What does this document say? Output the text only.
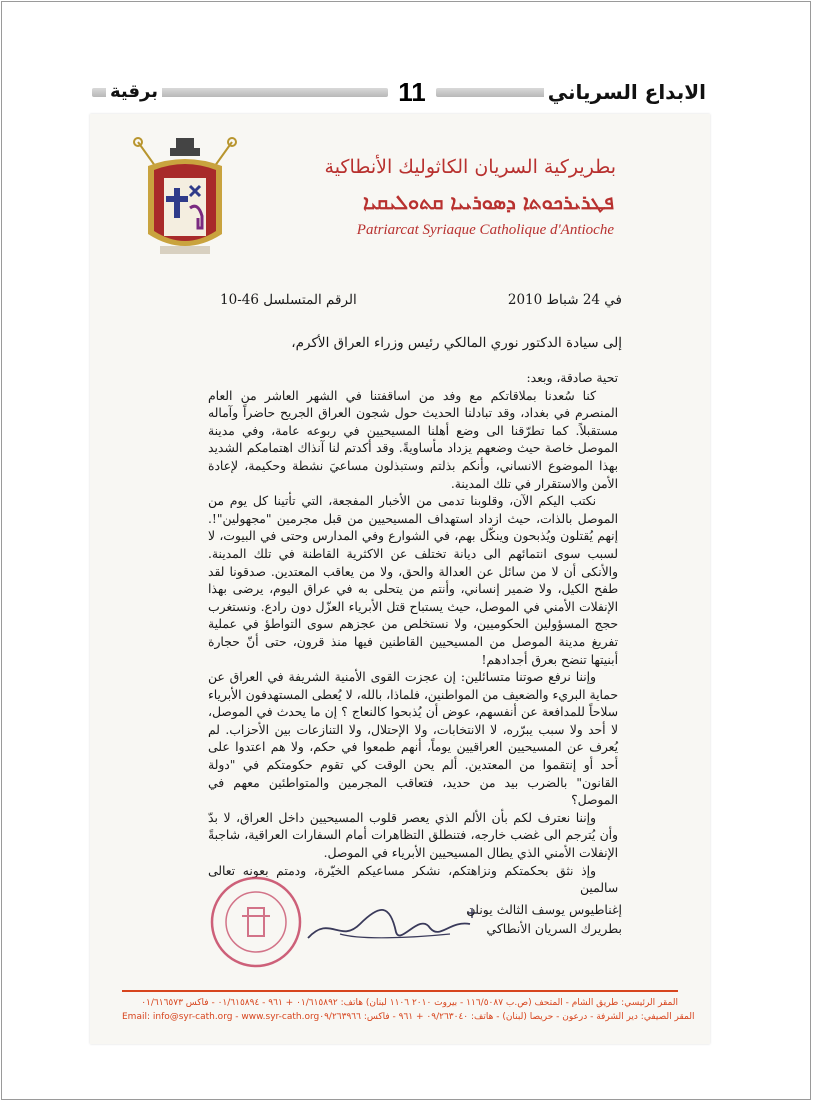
برقية	11	الابداع السرياني
بطريركية السريان الكاثوليك الأنطاكية
ܦܛܪܝܪܟܘܬܐ ܕܣܘܪܝܝܐ ܩܬܘܠܝܩܝܐ
Patriarcat Syriaque Catholique d'Antioche
في 24 شباط 2010
الرقم المتسلسل 46-10
إلى سيادة الدكتور نوري المالكي رئيس وزراء العراق الأكرم،

تحية صادقة، وبعد:

كنا سُعدنا بملاقاتكم مع وفد من اساقفتنا في الشهر العاشر من العام المنصرم في بغداد، وقد تبادلنا الحديث حول شجون العراق الجريح حاضراً وآماله مستقبلاً. كما تطرّقنا الى وضع أهلنا المسيحيين في ربوعه عامة، وفي مدينة الموصل خاصة حيث وضعهم يزداد مأساويةً. وقد أكدتم لنا آنذاك اهتمامكم الشديد بهذا الموضوع الانساني، وأنكم بذلتم وستبذلون مساعيَ نشطة وحكيمة، لإعادة الأمن والاستقرار في تلك المدينة.

نكتب اليكم الآن، وقلوبنا تدمى من الأخبار المفجعة، التي تأتينا كل يوم من الموصل بالذات، حيث ازداد استهداف المسيحيين من قبل مجرمين "مجهولين"!. إنهم يُقتلون ويُذبحون وينكّل بهم، في الشوارع وفي المدارس وحتى في البيوت، لا لسبب سوى انتمائهم الى ديانة تختلف عن الاكثرية القاطنة في تلك المدينة. والأنكى أن لا من سائل عن العدالة والحق، ولا من يعاقب المعتدين. صدقونا لقد طفح الكيل، ولا ضمير إنساني، وأنتم من يتحلى به في عراق اليوم، يرضى بهذا الإنفلات الأمني في الموصل، حيث يستباح قتل الأبرياء العزّل دون رادع. ونستغرب حجج المسؤولين الحكوميين، ولا نستخلص من عجزهم سوى التواطؤ في عملية تفريغ مدينة الموصل من المسيحيين القاطنين فيها منذ قرون، حتى أنّ حجارة أبنيتها تنضح بعرق أجدادهم!

وإننا نرفع صوتنا متسائلين: إن عجزت القوى الأمنية الشريفة في العراق عن حماية البريء والضعيف من المواطنين، فلماذا، بالله، لا يُعطى المستهدفون الأبرياء سلاحاً للمدافعة عن أنفسهم، عوض أن يُذبحوا كالنعاج ؟ إن ما يحدث في الموصل، لا أحد ولا سبب يبرّره، لا الانتخابات، ولا الإحتلال، ولا التنازعات بين الأحزاب. لم يُعرف عن المسيحيين العراقيين يوماً، أنهم طمعوا في حكم، ولا هم اعتدوا على أحد أو إنتقموا من المعتدين. ألم يحن الوقت كي تقوم حكومتكم في "دولة القانون" بالضرب بيد من حديد، فتعاقب المجرمين والمتواطئين معهم في الموصل؟

وإننا نعترف لكم بأن الألم الذي يعصر قلوب المسيحيين داخل العراق، لا بدّ وأن يُترجم الى غضب خارجه، فتنطلق التظاهرات أمام السفارات العراقية، شاجبةً الإنفلات الأمني الذي يطال المسيحيين الأبرياء في الموصل.

وإذ نثق بحكمتكم ونزاهتكم، نشكر مساعيكم الخيّرة، ودمتم بعونه تعالى سالمين

إغناطيوس يوسف الثالث يونان
بطريرك السريان الأنطاكي
المقر الرئيسي: طريق الشام - المتحف (ص.ب ١١٦/٥٠٨٧ - بيروت ٢٠١٠ ١١٠٦ لبنان) هاتف: ٠١/٦١٥٨٩٢ + ٩٦١ - ٠١/٦١٥٨٩٤ - فاكس ٠١/٦١٦٥٧٣
Email: info@syr-cath.org - www.syr-cath.org المقر الصيفي: دير الشرفة - درعون - حريصا (لبنان) - هاتف: ٠٩/٢٦٣٠٤٠ + ٩٦١ - فاكس: ٠٩/٢٦٣٩٦٦
